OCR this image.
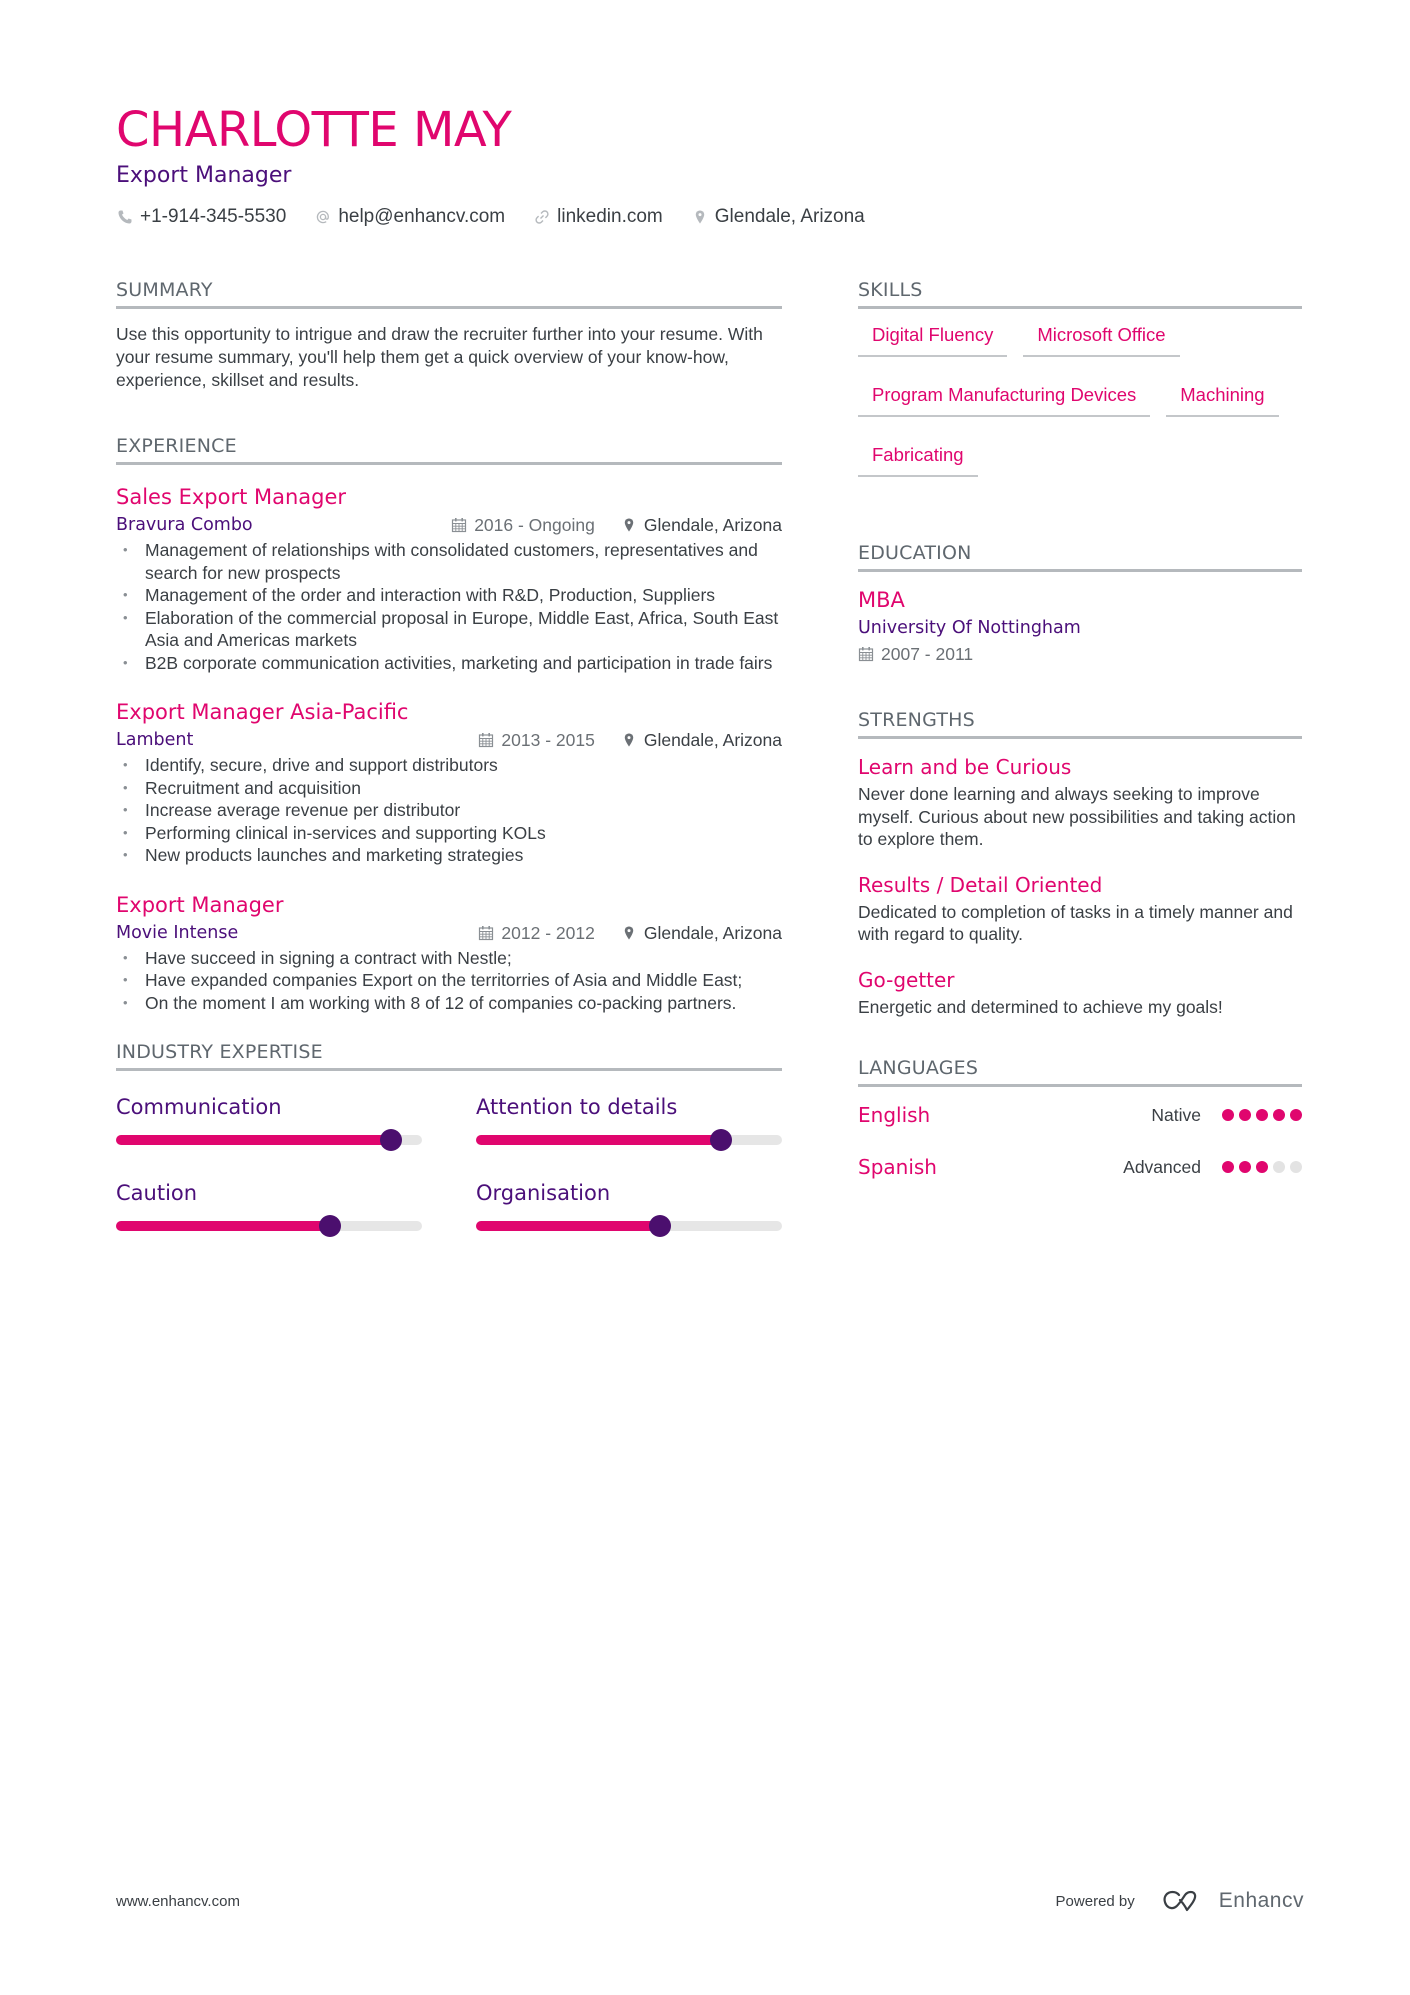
CHARLOTTE MAY
Export Manager
+1-914-345-5530	help@enhancv.com	linkedin.com	Glendale, Arizona
SUMMARY

Use this opportunity to intrigue and draw the recruiter further into your resume. With your resume summary, you'll help them get a quick overview of your know-how, experience, skillset and results.

EXPERIENCE
Sales Export Manager
Bravura Combo	2016 - Ongoing	Glendale, Arizona
• Management of relationships with consolidated customers, representatives and search for new prospects
• Management of the order and interaction with R&D, Production, Suppliers
• Elaboration of the commercial proposal in Europe, Middle East, Africa, South East Asia and Americas markets
• B2B corporate communication activities, marketing and participation in trade fairs
Export Manager Asia-Pacific
Lambent	2013 - 2015	Glendale, Arizona
• Identify, secure, drive and support distributors
• Recruitment and acquisition
• Increase average revenue per distributor
• Performing clinical in-services and supporting KOLs
• New products launches and marketing strategies
Export Manager
Movie Intense	2012 - 2012	Glendale, Arizona
• Have succeed in signing a contract with Nestle;
• Have expanded companies Export on the territorries of Asia and Middle East;
• On the moment I am working with 8 of 12 of companies co-packing partners.
INDUSTRY EXPERTISE
Communication	Attention to details
Caution	Organisation
SKILLS
Digital Fluency	Microsoft Office
Program Manufacturing Devices	Machining
Fabricating
EDUCATION
MBA
University Of Nottingham
2007 - 2011
STRENGTHS
Learn and be Curious
Never done learning and always seeking to improve myself. Curious about new possibilities and taking action to explore them.
Results / Detail Oriented
Dedicated to completion of tasks in a timely manner and with regard to quality.
Go-getter
Energetic and determined to achieve my goals!
LANGUAGES
English	Native
Spanish	Advanced
www.enhancv.com	Powered by	Enhancv
